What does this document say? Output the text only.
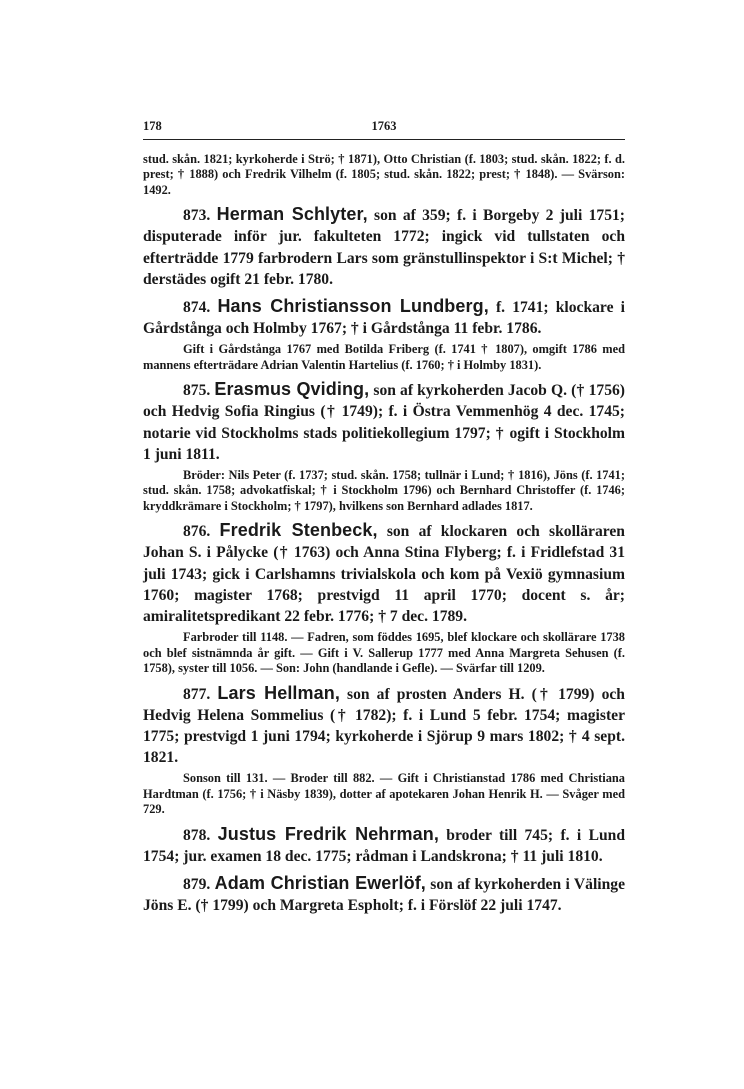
178	1763

stud. skån. 1821; kyrkoherde i Strö; † 1871), Otto Christian (f. 1803; stud. skån. 1822; f. d. prest; † 1888) och Fredrik Vilhelm (f. 1805; stud. skån. 1822; prest; † 1848). — Svärson: 1492.

873. Herman Schlyter, son af 359; f. i Borgeby 2 juli 1751; disputerade inför jur. fakulteten 1772; ingick vid tullstaten och efterträdde 1779 farbrodern Lars som gränstullinspektor i S:t Michel; † derstädes ogift 21 febr. 1780.

874. Hans Christiansson Lundberg, f. 1741; klockare i Gårdstånga och Holmby 1767; † i Gårdstånga 11 febr. 1786.

Gift i Gårdstånga 1767 med Botilda Friberg (f. 1741 † 1807), omgift 1786 med mannens efterträdare Adrian Valentin Hartelius (f. 1760; † i Holmby 1831).

875. Erasmus Qviding, son af kyrkoherden Jacob Q. († 1756) och Hedvig Sofia Ringius († 1749); f. i Östra Vemmenhög 4 dec. 1745; notarie vid Stockholms stads politiekollegium 1797; † ogift i Stockholm 1 juni 1811.

Bröder: Nils Peter (f. 1737; stud. skån. 1758; tullnär i Lund; † 1816), Jöns (f. 1741; stud. skån. 1758; advokatfiskal; † i Stockholm 1796) och Bernhard Christoffer (f. 1746; kryddkrämare i Stockholm; † 1797), hvilkens son Bernhard adlades 1817.

876. Fredrik Stenbeck, son af klockaren och skolläraren Johan S. i Pålycke († 1763) och Anna Stina Flyberg; f. i Fridlefstad 31 juli 1743; gick i Carlshamns trivialskola och kom på Vexiö gymnasium 1760; magister 1768; prestvigd 11 april 1770; docent s. år; amiralitetspredikant 22 febr. 1776; † 7 dec. 1789.

Farbroder till 1148. — Fadren, som föddes 1695, blef klockare och skollärare 1738 och blef sistnämnda år gift. — Gift i V. Sallerup 1777 med Anna Margreta Sehusen (f. 1758), syster till 1056. — Son: John (handlande i Gefle). — Svärfar till 1209.

877. Lars Hellman, son af prosten Anders H. († 1799) och Hedvig Helena Sommelius († 1782); f. i Lund 5 febr. 1754; magister 1775; prestvigd 1 juni 1794; kyrkoherde i Sjörup 9 mars 1802; † 4 sept. 1821.

Sonson till 131. — Broder till 882. — Gift i Christianstad 1786 med Christiana Hardtman (f. 1756; † i Näsby 1839), dotter af apotekaren Johan Henrik H. — Svåger med 729.

878. Justus Fredrik Nehrman, broder till 745; f. i Lund 1754; jur. examen 18 dec. 1775; rådman i Landskrona; † 11 juli 1810.

879. Adam Christian Ewerlöf, son af kyrkoherden i Välinge Jöns E. († 1799) och Margreta Espholt; f. i Förslöf 22 juli 1747.
